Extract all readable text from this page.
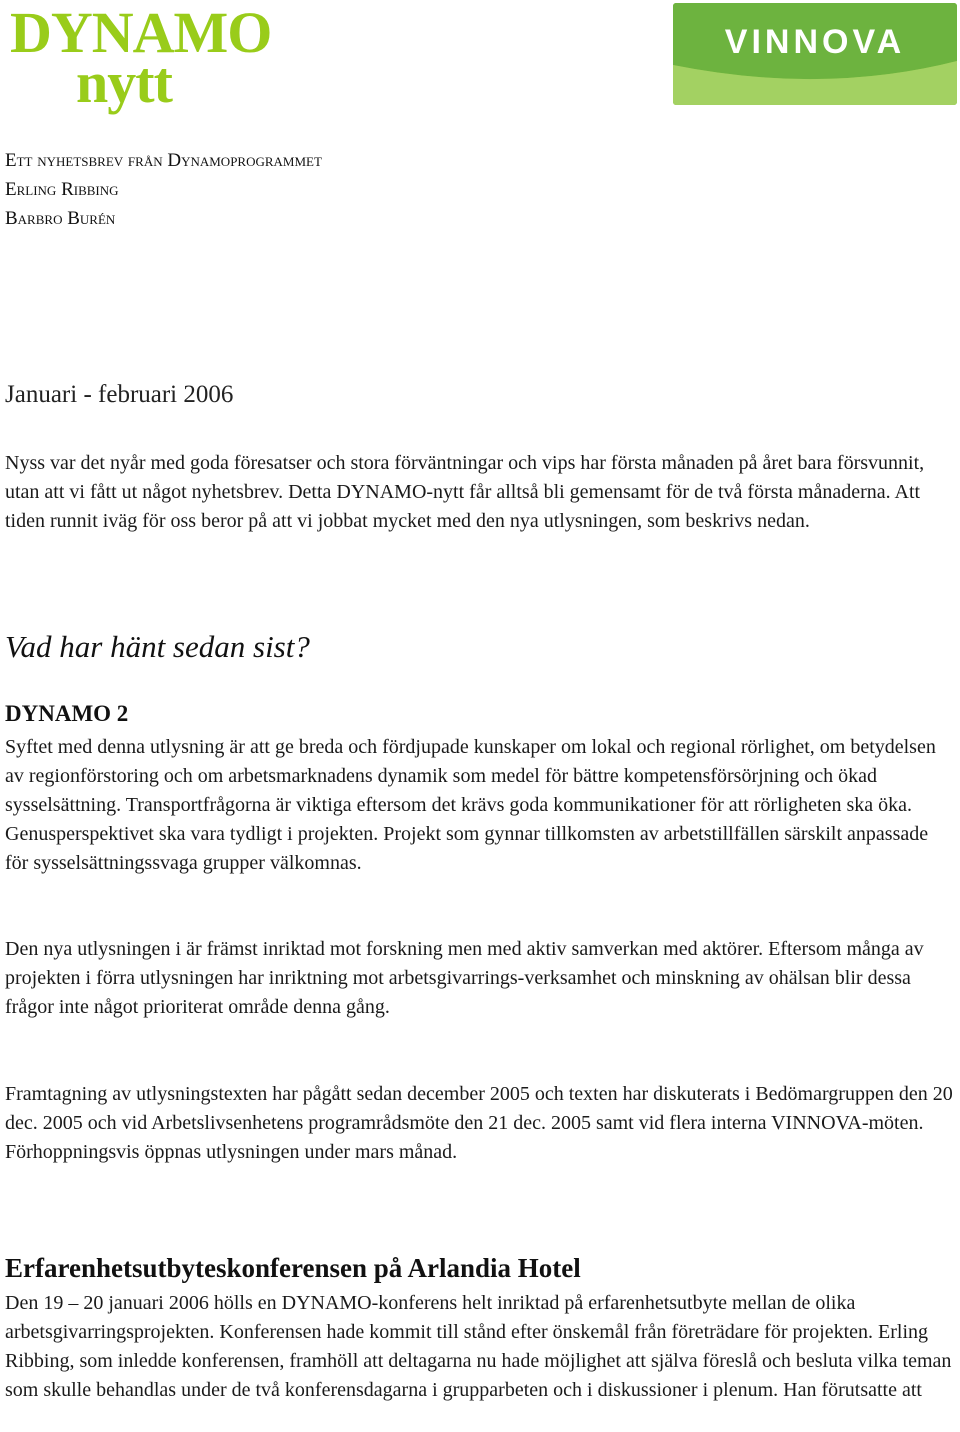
DYNAMO
nytt
VINNOVA
Ett nyhetsbrev från Dynamoprogrammet
Erling Ribbing
Barbro Burén
Januari - februari 2006

Nyss var det nyår med goda föresatser och stora förväntningar och vips har första månaden på året bara försvunnit, utan att vi fått ut något nyhetsbrev. Detta DYNAMO-nytt får alltså bli gemensamt för de två första månaderna. Att tiden runnit iväg för oss beror på att vi jobbat mycket med den nya utlysningen, som beskrivs nedan.

Vad har hänt sedan sist?
DYNAMO 2

Syftet med denna utlysning är att ge breda och fördjupade kunskaper om lokal och regional rörlighet, om betydelsen av regionförstoring och om arbetsmarknadens dynamik som medel för bättre kompetensförsörjning och ökad sysselsättning. Transportfrågorna är viktiga eftersom det krävs goda kommunikationer för att rörligheten ska öka. Genusperspektivet ska vara tydligt i projekten. Projekt som gynnar tillkomsten av arbetstillfällen särskilt anpassade för sysselsättningssvaga grupper välkomnas.

Den nya utlysningen i är främst inriktad mot forskning men med aktiv samverkan med aktörer. Eftersom många av projekten i förra utlysningen har inriktning mot arbetsgivarrings-verksamhet och minskning av ohälsan blir dessa frågor inte något prioriterat område denna gång.

Framtagning av utlysningstexten har pågått sedan december 2005 och texten har diskuterats i Bedömargruppen den 20 dec. 2005 och vid Arbetslivsenhetens programrådsmöte den 21 dec. 2005 samt vid flera interna VINNOVA-möten. Förhoppningsvis öppnas utlysningen under mars månad.

Erfarenhetsutbyteskonferensen på Arlandia Hotel

Den 19 – 20 januari 2006 hölls en DYNAMO-konferens helt inriktad på erfarenhetsutbyte mellan de olika arbetsgivarringsprojekten. Konferensen hade kommit till stånd efter önskemål från företrädare för projekten. Erling Ribbing, som inledde konferensen, framhöll att deltagarna nu hade möjlighet att själva föreslå och besluta vilka teman som skulle behandlas under de två konferensdagarna i grupparbeten och i diskussioner i plenum. Han förutsatte att
